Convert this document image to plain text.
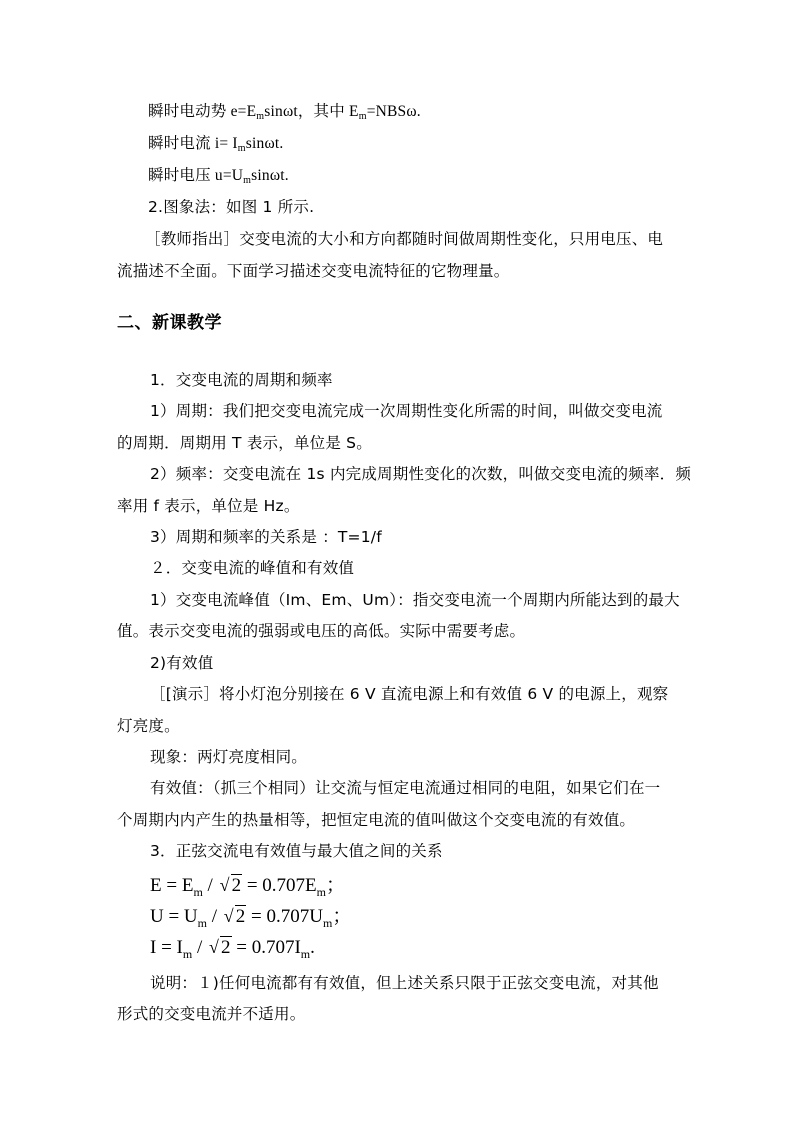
瞬时电动势 $e=E_m\sin\omega t$，其中 $E_m=NBS\omega$.
瞬时电流 $i= I_m\sin\omega t$.
瞬时电压 $u=U_m\sin\omega t$.
2.图象法：如图 1 所示.
［教师指出］交变电流的大小和方向都随时间做周期性变化，只用电压、电
流描述不全面。下面学习描述交变电流特征的它物理量。
二、新课教学
1．交变电流的周期和频率
1）周期：我们把交变电流完成一次周期性变化所需的时间，叫做交变电流
的周期．周期用 T 表示，单位是 S。
2）频率：交变电流在 1s 内完成周期性变化的次数，叫做交变电流的频率．频
率用 f 表示，单位是 Hz。
3）周期和频率的关系是 ：T=1/f
２．交变电流的峰值和有效值
1）交变电流峰值（Im、Em、Um）：指交变电流一个周期内所能达到的最大
值。表示交变电流的强弱或电压的高低。实际中需要考虑。
2)有效值
［[演示］将小灯泡分别接在 6 V 直流电源上和有效值 6 V 的电源上，观察
灯亮度。
现象：两灯亮度相同。
有效值：（抓三个相同）让交流与恒定电流通过相同的电阻，如果它们在一
个周期内内产生的热量相等，把恒定电流的值叫做这个交变电流的有效值。
3．正弦交流电有效值与最大值之间的关系
$E = E_m$ / √ $2 = 0.707E_m$；
$U = U_m$ / √ $2 = 0.707U_m$；
$I = I_m$ / √ $2 = 0.707I_m$.
说明：１)任何电流都有有效值，但上述关系只限于正弦交变电流，对其他
形式的交变电流并不适用。
